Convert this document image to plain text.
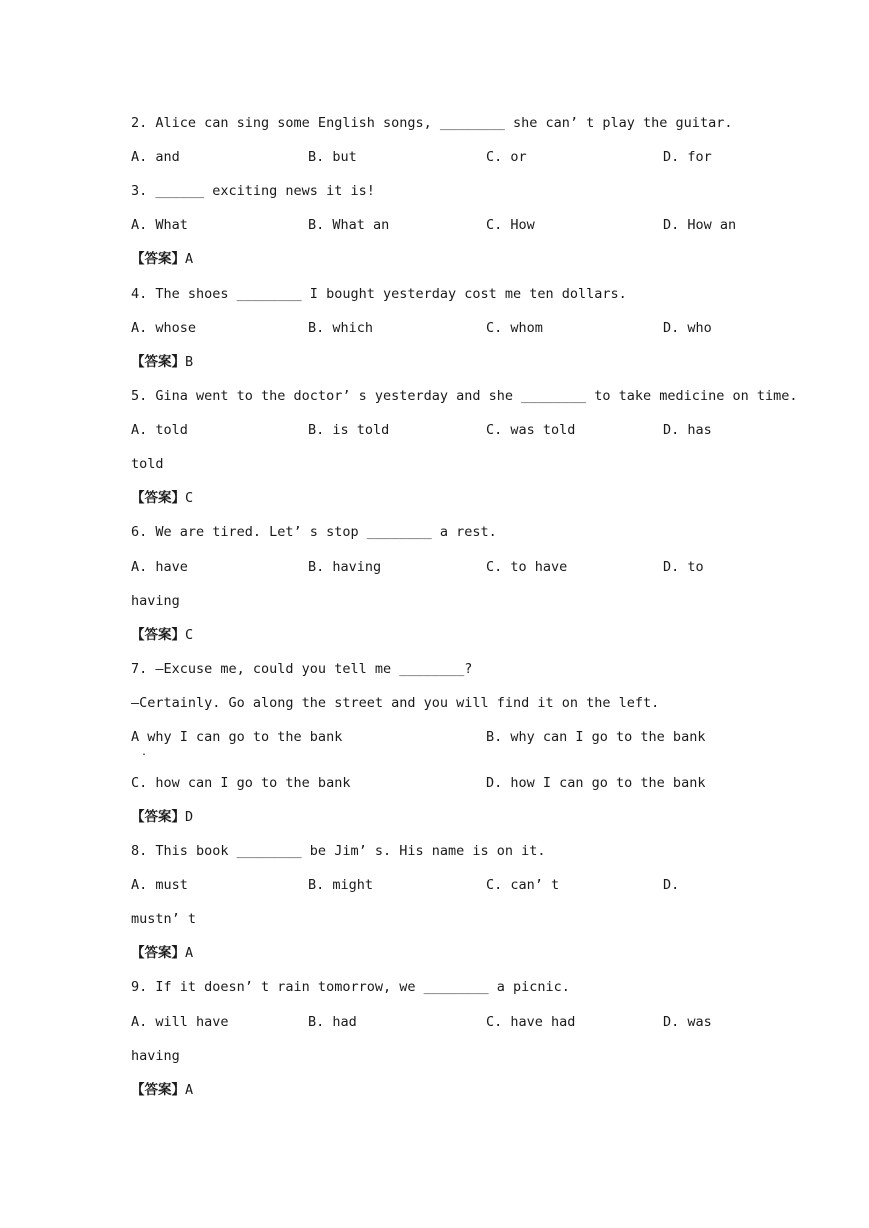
2. Alice can sing some English songs, ________ she can’ t play the guitar.
A. and	B. but	C. or	D. for
3. ______ exciting news it is!
A. What	B. What an	C. How	D. How an
【答案】A
4. The shoes ________ I bought yesterday cost me ten dollars.
A. whose	B. which	C. whom	D. who
【答案】B
5. Gina went to the doctor’ s yesterday and she ________ to take medicine on time.
A. told	B. is told	C. was told	D. has
told
【答案】C
6. We are tired. Let’ s stop ________ a rest.
A. have	B. having	C. to have	D. to
having
【答案】C
7. —Excuse me, could you tell me ________?
—Certainly. Go along the street and you will find it on the left.
A why I can go to the bank	B. why can I go to the bank
.
C. how can I go to the bank	D. how I can go to the bank
【答案】D
8. This book ________ be Jim’ s. His name is on it.
A. must	B. might	C. can’ t	D.
mustn’ t
【答案】A
9. If it doesn’ t rain tomorrow, we ________ a picnic.
A. will have	B. had	C. have had	D. was
having
【答案】A
